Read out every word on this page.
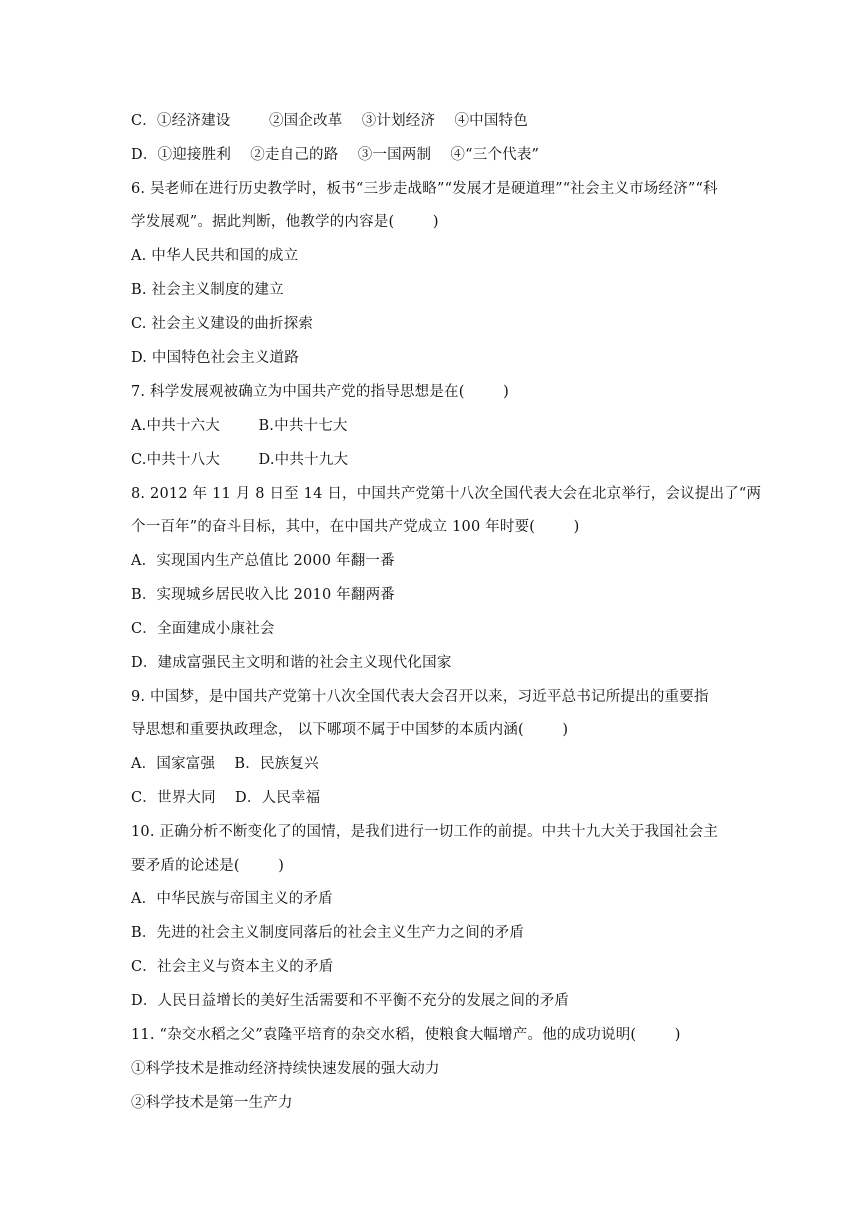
C．①经济建设        ②国企改革    ③计划经济    ④中国特色
D．①迎接胜利    ②走自己的路    ③一国两制    ④“三个代表”
6. 吴老师在进行历史教学时，板书“三步走战略”“发展才是硬道理”“社会主义市场经济”“科
学发展观”。据此判断，他教学的内容是(        )
A. 中华人民共和国的成立
B. 社会主义制度的建立
C. 社会主义建设的曲折探索
D. 中国特色社会主义道路
7. 科学发展观被确立为中国共产党的指导思想是在(        )
A.中共十六大        B.中共十七大
C.中共十八大        D.中共十九大
8. 2012 年 11 月 8 日至 14 日，中国共产党第十八次全国代表大会在北京举行，会议提出了“两
个一百年”的奋斗目标，其中，在中国共产党成立 100 年时要(        )
A．实现国内生产总值比 2000 年翻一番
B．实现城乡居民收入比 2010 年翻两番
C．全面建成小康社会
D．建成富强民主文明和谐的社会主义现代化国家
9. 中国梦，是中国共产党第十八次全国代表大会召开以来，习近平总书记所提出的重要指
导思想和重要执政理念， 以下哪项不属于中国梦的本质内涵(        )
A．国家富强    B．民族复兴
C．世界大同    D．人民幸福
10. 正确分析不断变化了的国情，是我们进行一切工作的前提。中共十九大关于我国社会主
要矛盾的论述是(        )
A．中华民族与帝国主义的矛盾
B．先进的社会主义制度同落后的社会主义生产力之间的矛盾
C．社会主义与资本主义的矛盾
D．人民日益增长的美好生活需要和不平衡不充分的发展之间的矛盾
11. “杂交水稻之父”袁隆平培育的杂交水稻，使粮食大幅增产。他的成功说明(        )
①科学技术是推动经济持续快速发展的强大动力
②科学技术是第一生产力
